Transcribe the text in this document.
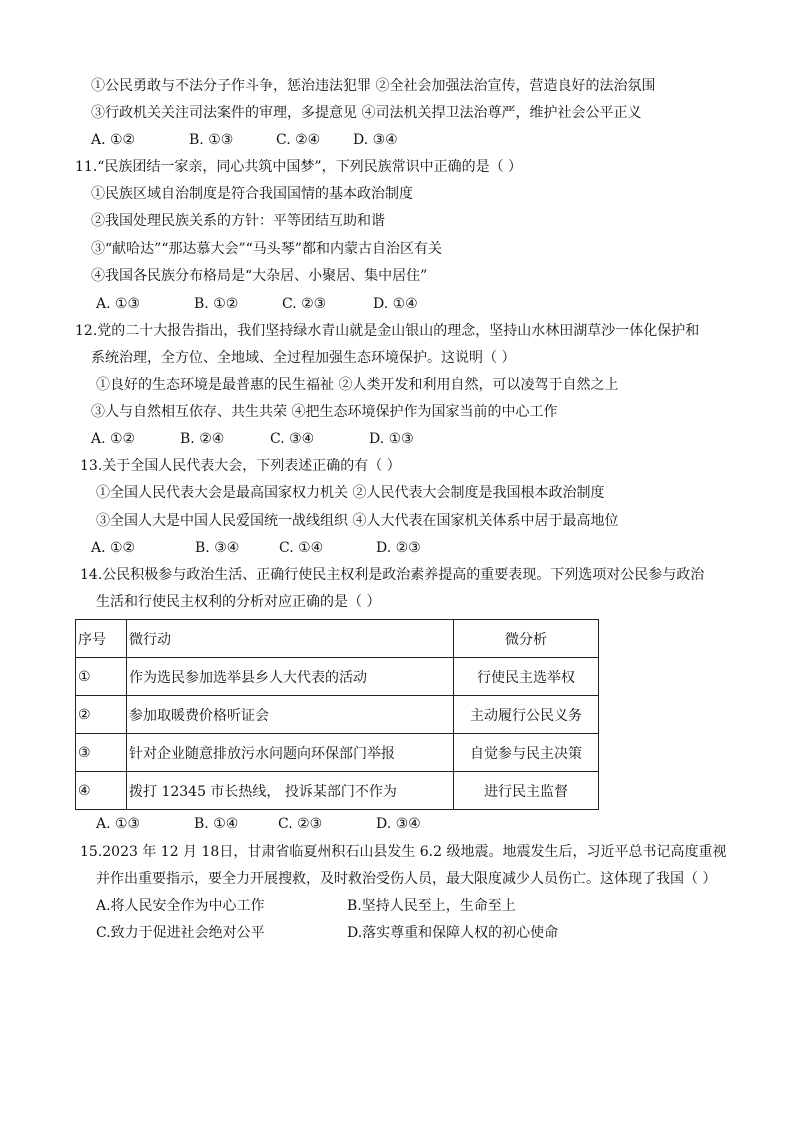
①公民勇敢与不法分子作斗争，惩治违法犯罪 ②全社会加强法治宣传，营造良好的法治氛围
③行政机关关注司法案件的审理，多提意见 ④司法机关捍卫法治尊严，维护社会公平正义
A. ①②	B. ①③	C. ②④ D. ③④
11.“民族团结一家亲，同心共筑中国梦”，下列民族常识中正确的是（ ）
①民族区域自治制度是符合我国国情的基本政治制度
②我国处理民族关系的方针：平等团结互助和谐
③“献哈达”“那达慕大会”“马头琴”都和内蒙古自治区有关
④我国各民族分布格局是“大杂居、小聚居、集中居住”
A. ①③	B. ①②	C. ②③	D. ①④
12.党的二十大报告指出，我们坚持绿水青山就是金山银山的理念，坚持山水林田湖草沙一体化保护和
系统治理，全方位、全地域、全过程加强生态环境保护。这说明（ ）
①良好的生态环境是最普惠的民生福祉 ②人类开发和利用自然，可以凌驾于自然之上
③人与自然相互依存、共生共荣 ④把生态环境保护作为国家当前的中心工作
A. ①②	B. ②④	C. ③④	D. ①③
13.关于全国人民代表大会，下列表述正确的有（ ）
①全国人民代表大会是最高国家权力机关 ②人民代表大会制度是我国根本政治制度
③全国人大是中国人民爱国统一战线组织 ④人大代表在国家机关体系中居于最高地位
A. ①②	B. ③④	C. ①④	D. ②③
14.公民积极参与政治生活、正确行使民主权利是政治素养提高的重要表现。下列选项对公民参与政治
生活和行使民主权利的分析对应正确的是（ ）
序号	微行动	微分析
①	作为选民参加选举县乡人大代表的活动	行使民主选举权
②	参加取暖费价格听证会	主动履行公民义务
③	针对企业随意排放污水问题向环保部门举报	自觉参与民主决策
④	拨打 12345 市长热线， 投诉某部门不作为	进行民主监督
A. ①③	B. ①④	C. ②③	D. ③④
15.2023 年 12 月 18日，甘肃省临夏州积石山县发生 6.2 级地震。地震发生后，习近平总书记高度重视
并作出重要指示，要全力开展搜救，及时救治受伤人员，最大限度减少人员伤亡。这体现了我国（ ）
A.将人民安全作为中心工作	B.坚持人民至上，生命至上
C.致力于促进社会绝对公平	D.落实尊重和保障人权的初心使命
